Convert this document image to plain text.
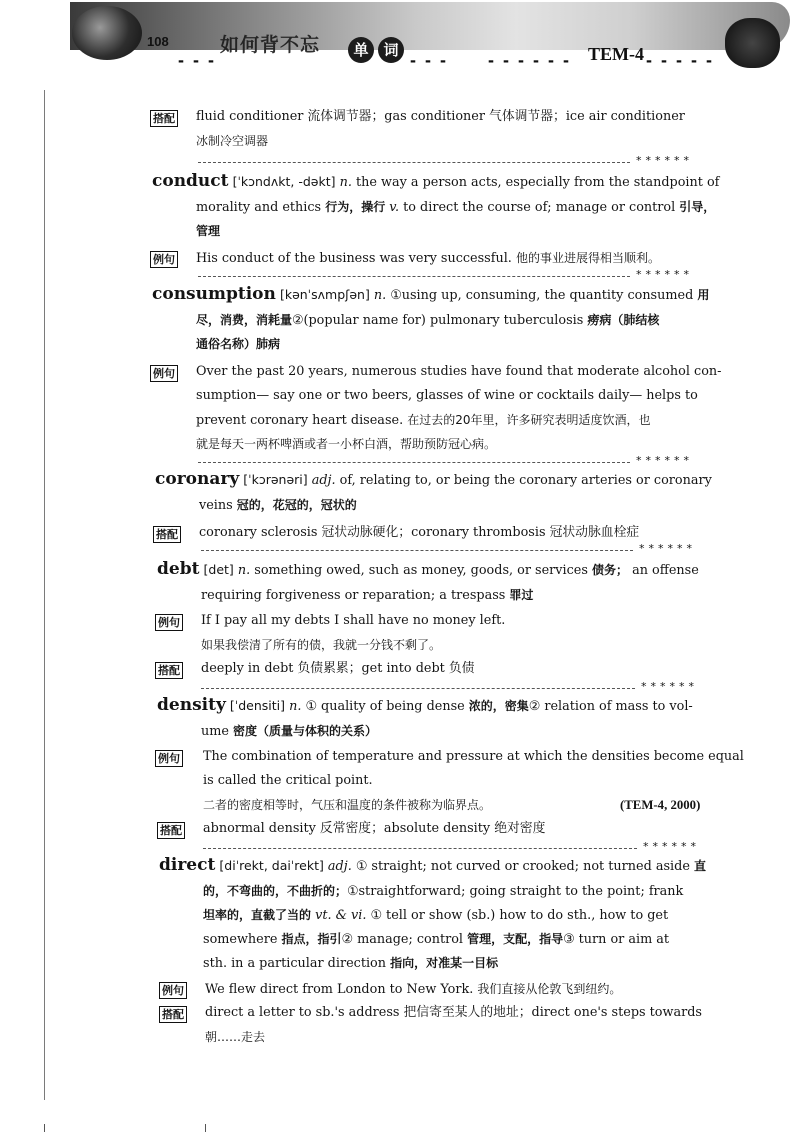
108
- - -
如何背不忘	单 词 - - - - - - - - - TEM-4 - - - - -
搭配 fluid conditioner 流体调节器；gas conditioner 气体调节器；ice air conditioner
冰制冷空调器
******
conduct [ˈkɔndʌkt, -dəkt] n. the way a person acts, especially from the standpoint of
morality and ethics 行为，操行 v. to direct the course of; manage or control 引导，
管理
例句 His conduct of the business was very successful. 他的事业进展得相当顺利。
******
consumption [kənˈsʌmpʃən] n. ①using up, consuming, the quantity consumed 用
尽，消费，消耗量②(popular name for) pulmonary tuberculosis 痨病（肺结核
通俗名称）肺病
例句 Over the past 20 years, numerous studies have found that moderate alcohol con-
sumption— say one or two beers, glasses of wine or cocktails daily— helps to
prevent coronary heart disease. 在过去的20年里，许多研究表明适度饮酒，也
就是每天一两杯啤酒或者一小杯白酒，帮助预防冠心病。
******
coronary [ˈkɔrənəri] adj. of, relating to, or being the coronary arteries or coronary
veins 冠的，花冠的，冠状的
搭配 coronary sclerosis 冠状动脉硬化；coronary thrombosis 冠状动脉血栓症
******
debt [det] n. something owed, such as money, goods, or services 债务； an offense
requiring forgiveness or reparation; a trespass 罪过
例句 If I pay all my debts I shall have no money left.
如果我偿清了所有的债，我就一分钱不剩了。
搭配 deeply in debt 负债累累；get into debt 负债
******
density [ˈdensiti] n. ① quality of being dense 浓的，密集② relation of mass to vol-
ume 密度（质量与体积的关系）
例句 The combination of temperature and pressure at which the densities become equal
is called the critical point.
二者的密度相等时，气压和温度的条件被称为临界点。	(TEM-4, 2000)
搭配 abnormal density 反常密度；absolute density 绝对密度
******
direct [diˈrekt, daiˈrekt] adj. ① straight; not curved or crooked; not turned aside 直
的，不弯曲的，不曲折的；①straightforward; going straight to the point; frank
坦率的，直截了当的 vt. & vi. ① tell or show (sb.) how to do sth., how to get
somewhere 指点，指引② manage; control 管理，支配，指导③ turn or aim at
sth. in a particular direction 指向，对准某一目标
例句 We flew direct from London to New York. 我们直接从伦敦飞到纽约。
搭配 direct a letter to sb.'s address 把信寄至某人的地址；direct one's steps towards
朝……走去
